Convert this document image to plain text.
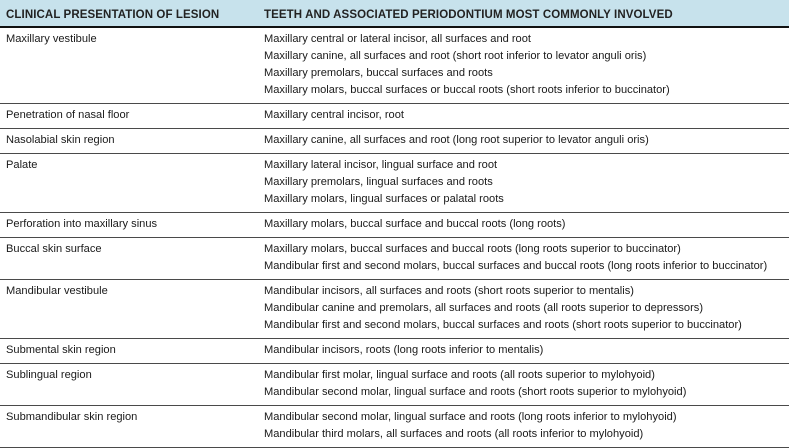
CLINICAL PRESENTATION OF LESION	TEETH AND ASSOCIATED PERIODONTIUM MOST COMMONLY INVOLVED
Maxillary vestibule	Maxillary central or lateral incisor, all surfaces and root
Maxillary canine, all surfaces and root (short root inferior to levator anguli oris)
Maxillary premolars, buccal surfaces and roots
Maxillary molars, buccal surfaces or buccal roots (short roots inferior to buccinator)

Penetration of nasal floor	Maxillary central incisor, root

Nasolabial skin region	Maxillary canine, all surfaces and root (long root superior to levator anguli oris)

Palate	Maxillary lateral incisor, lingual surface and root
Maxillary premolars, lingual surfaces and roots
Maxillary molars, lingual surfaces or palatal roots

Perforation into maxillary sinus	Maxillary molars, buccal surface and buccal roots (long roots)

Buccal skin surface	Maxillary molars, buccal surfaces and buccal roots (long roots superior to buccinator)
Mandibular first and second molars, buccal surfaces and buccal roots (long roots inferior to buccinator)

Mandibular vestibule	Mandibular incisors, all surfaces and roots (short roots superior to mentalis)
Mandibular canine and premolars, all surfaces and roots (all roots superior to depressors)
Mandibular first and second molars, buccal surfaces and roots (short roots superior to buccinator)

Submental skin region	Mandibular incisors, roots (long roots inferior to mentalis)

Sublingual region	Mandibular first molar, lingual surface and roots (all roots superior to mylohyoid)
Mandibular second molar, lingual surface and roots (short roots superior to mylohyoid)

Submandibular skin region	Mandibular second molar, lingual surface and roots (long roots inferior to mylohyoid)
Mandibular third molars, all surfaces and roots (all roots inferior to mylohyoid)
